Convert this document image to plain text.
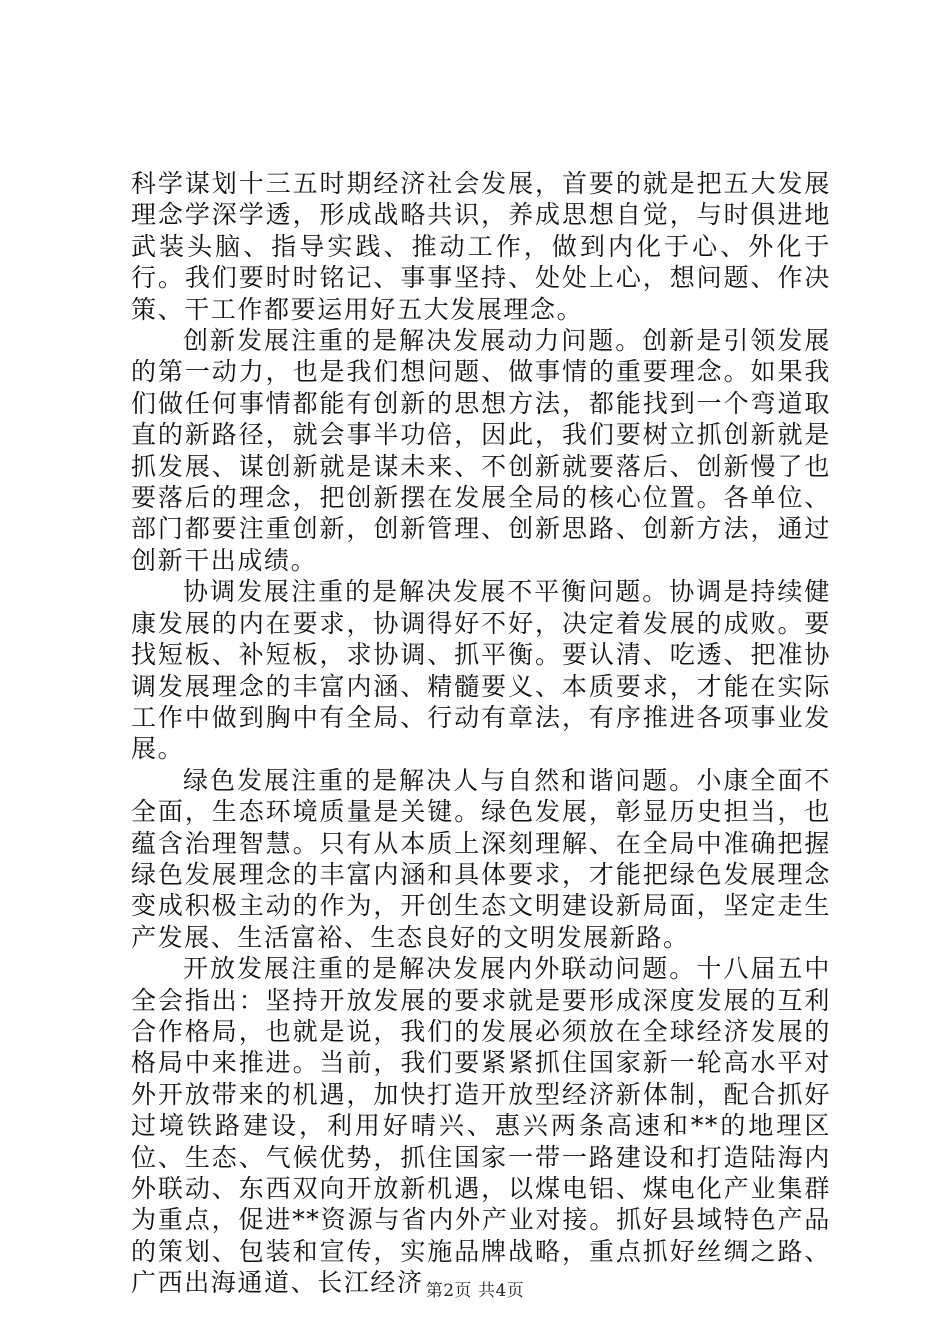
科学谋划十三五时期经济社会发展，首要的就是把五大发展理念学深学透，形成战略共识，养成思想自觉，与时俱进地武装头脑、指导实践、推动工作，做到内化于心、外化于行。我们要时时铭记、事事坚持、处处上心，想问题、作决策、干工作都要运用好五大发展理念。

创新发展注重的是解决发展动力问题。创新是引领发展的第一动力，也是我们想问题、做事情的重要理念。如果我们做任何事情都能有创新的思想方法，都能找到一个弯道取直的新路径，就会事半功倍，因此，我们要树立抓创新就是抓发展、谋创新就是谋未来、不创新就要落后、创新慢了也要落后的理念，把创新摆在发展全局的核心位置。各单位、部门都要注重创新，创新管理、创新思路、创新方法，通过创新干出成绩。

协调发展注重的是解决发展不平衡问题。协调是持续健康发展的内在要求，协调得好不好，决定着发展的成败。要找短板、补短板，求协调、抓平衡。要认清、吃透、把准协调发展理念的丰富内涵、精髓要义、本质要求，才能在实际工作中做到胸中有全局、行动有章法，有序推进各项事业发展。

绿色发展注重的是解决人与自然和谐问题。小康全面不全面，生态环境质量是关键。绿色发展，彰显历史担当，也蕴含治理智慧。只有从本质上深刻理解、在全局中准确把握绿色发展理念的丰富内涵和具体要求，才能把绿色发展理念变成积极主动的作为，开创生态文明建设新局面，坚定走生产发展、生活富裕、生态良好的文明发展新路。

开放发展注重的是解决发展内外联动问题。十八届五中全会指出：坚持开放发展的要求就是要形成深度发展的互利合作格局，也就是说，我们的发展必须放在全球经济发展的格局中来推进。当前，我们要紧紧抓住国家新一轮高水平对外开放带来的机遇，加快打造开放型经济新体制，配合抓好过境铁路建设，利用好晴兴、惠兴两条高速和**的地理区位、生态、气候优势，抓住国家一带一路建设和打造陆海内外联动、东西双向开放新机遇，以煤电铝、煤电化产业集群为重点，促进**资源与省内外产业对接。抓好县域特色产品的策划、包装和宣传，实施品牌战略，重点抓好丝绸之路、广西出海通道、长江经济 第2页 共4页
